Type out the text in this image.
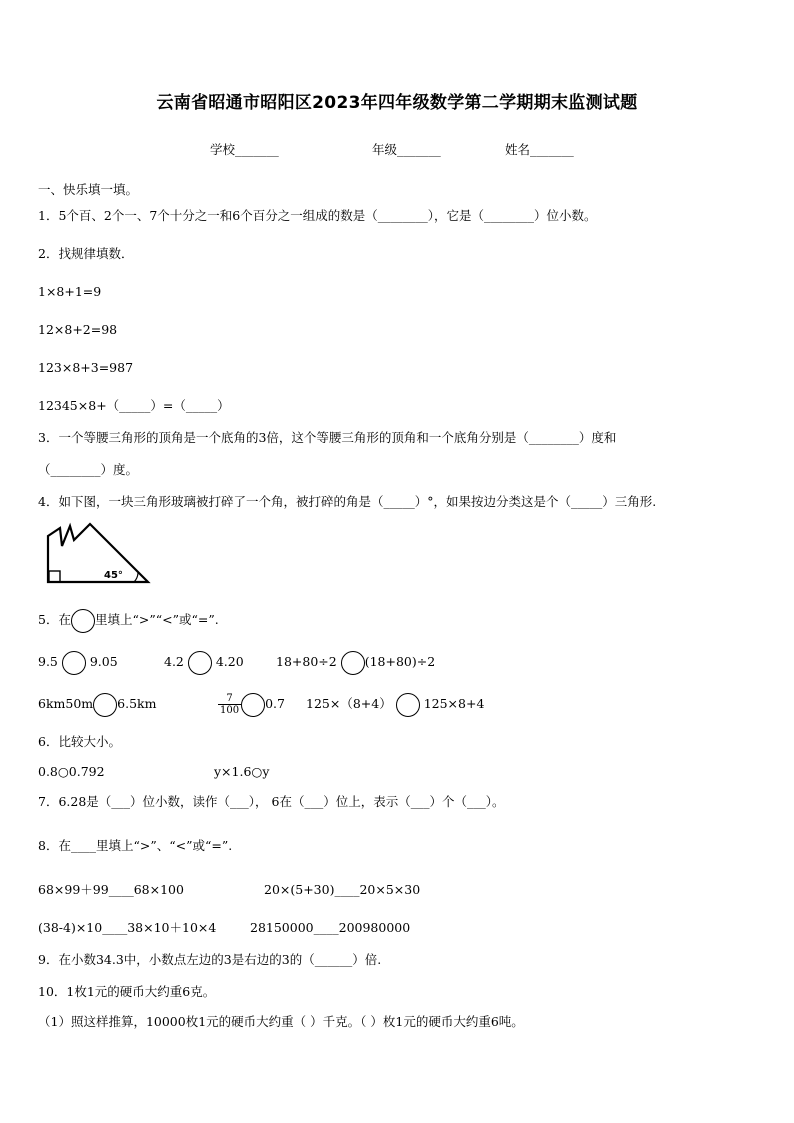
云南省昭通市昭阳区2023年四年级数学第二学期期末监测试题
学校_______	年级_______	姓名_______
一、快乐填一填。
1．5个百、2个一、7个十分之一和6个百分之一组成的数是（________），它是（________）位小数。
2．找规律填数．
1×8+1=9
12×8+2=98
123×8+3=987
12345×8+（_____）=（_____）
3．一个等腰三角形的顶角是一个底角的3倍，这个等腰三角形的顶角和一个底角分别是（________）度和
（________）度。
4．如下图，一块三角形玻璃被打碎了一个角，被打碎的角是（_____）°，如果按边分类这是个（_____）三角形.
45°
5．在 里填上“>”“<”或“=”.
9.5	9.05	4.2	4.20	18+80÷2 (18+80)÷2
6km50m 6.5km	$\frac{7}{100} 0.7$ 125×（8+4）	125×8+4
6．比较大小。
0.8○0.792	y×1.6○y
7．6.28是（___）位小数，读作（___）， 6在（___）位上，表示（___）个（___）。
8．在____里填上“>”、“<”或“=”.
68×99＋99____68×100	20×(5+30)____20×5×30
(38-4)×10____38×10＋10×4	28150000____200980000
9．在小数34.3中，小数点左边的3是右边的3的（______）倍.
10．1枚1元的硬币大约重6克。
（1）照这样推算，10000枚1元的硬币大约重（ ）千克。（ ）枚1元的硬币大约重6吨。
